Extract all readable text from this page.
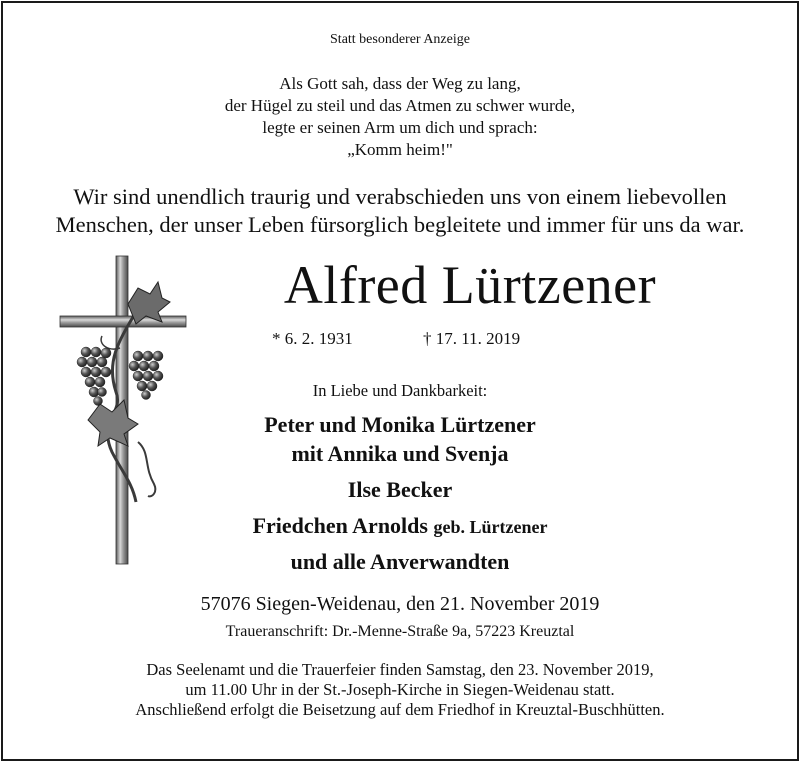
Statt besonderer Anzeige
Als Gott sah, dass der Weg zu lang,
der Hügel zu steil und das Atmen zu schwer wurde,
legte er seinen Arm um dich und sprach:
„Komm heim!"
Wir sind unendlich traurig und verabschieden uns von einem liebevollen
Menschen, der unser Leben fürsorglich begleitete und immer für uns da war.
Alfred Lürtzener
* 6. 2. 1931	† 17. 11. 2019
In Liebe und Dankbarkeit:
Peter und Monika Lürtzener
mit Annika und Svenja
Ilse Becker
Friedchen Arnolds geb. Lürtzener
und alle Anverwandten
57076 Siegen-Weidenau, den 21. November 2019
Traueranschrift: Dr.-Menne-Straße 9a, 57223 Kreuztal
Das Seelenamt und die Trauerfeier finden Samstag, den 23. November 2019,
um 11.00 Uhr in der St.-Joseph-Kirche in Siegen-Weidenau statt.
Anschließend erfolgt die Beisetzung auf dem Friedhof in Kreuztal-Buschhütten.
